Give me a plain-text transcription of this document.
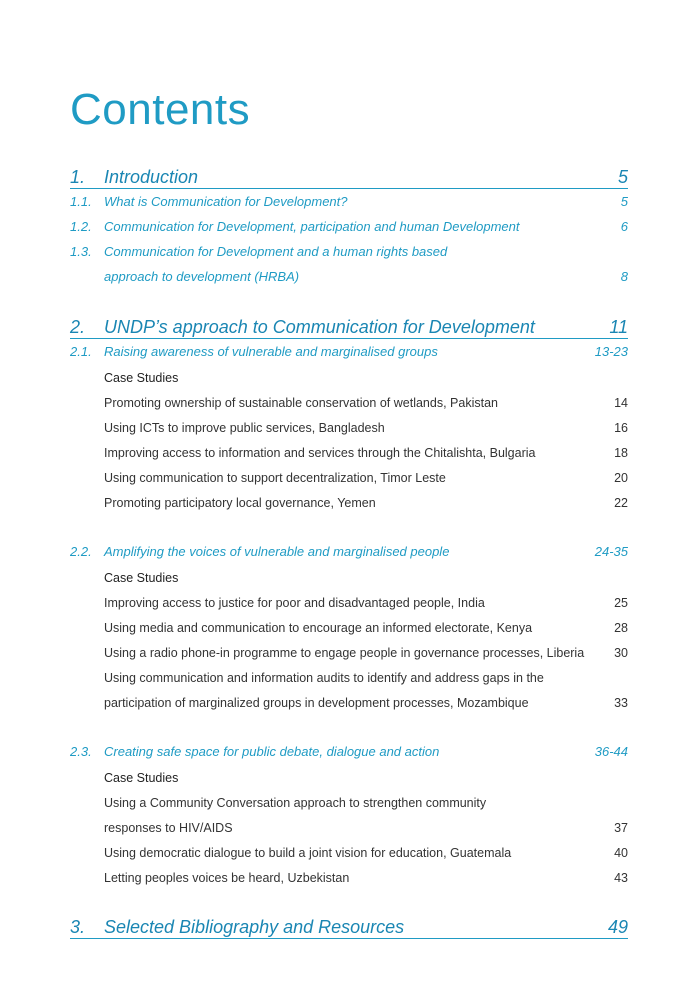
Contents
1. Introduction	5
1.1. What is Communication for Development?	5
1.2. Communication for Development, participation and human Development	6
1.3. Communication for Development and a human rights based
approach to development (HRBA)	8
2. UNDP’s approach to Communication for Development	11
2.1. Raising awareness of vulnerable and marginalised groups	13-23
Case Studies
Promoting ownership of sustainable conservation of wetlands, Pakistan	14
Using ICTs to improve public services, Bangladesh	16
Improving access to information and services through the Chitalishta, Bulgaria	18
Using communication to support decentralization, Timor Leste	20
Promoting participatory local governance, Yemen	22
2.2. Amplifying the voices of vulnerable and marginalised people	24-35
Case Studies
Improving access to justice for poor and disadvantaged people, India	25
Using media and communication to encourage an informed electorate, Kenya	28
Using a radio phone-in programme to engage people in governance processes, Liberia 30
Using communication and information audits to identify and address gaps in the
participation of marginalized groups in development processes, Mozambique	33
2.3. Creating safe space for public debate, dialogue and action	36-44
Case Studies
Using a Community Conversation approach to strengthen community
responses to HIV/AIDS	37
Using democratic dialogue to build a joint vision for education, Guatemala	40
Letting peoples voices be heard, Uzbekistan	43
3. Selected Bibliography and Resources	49
